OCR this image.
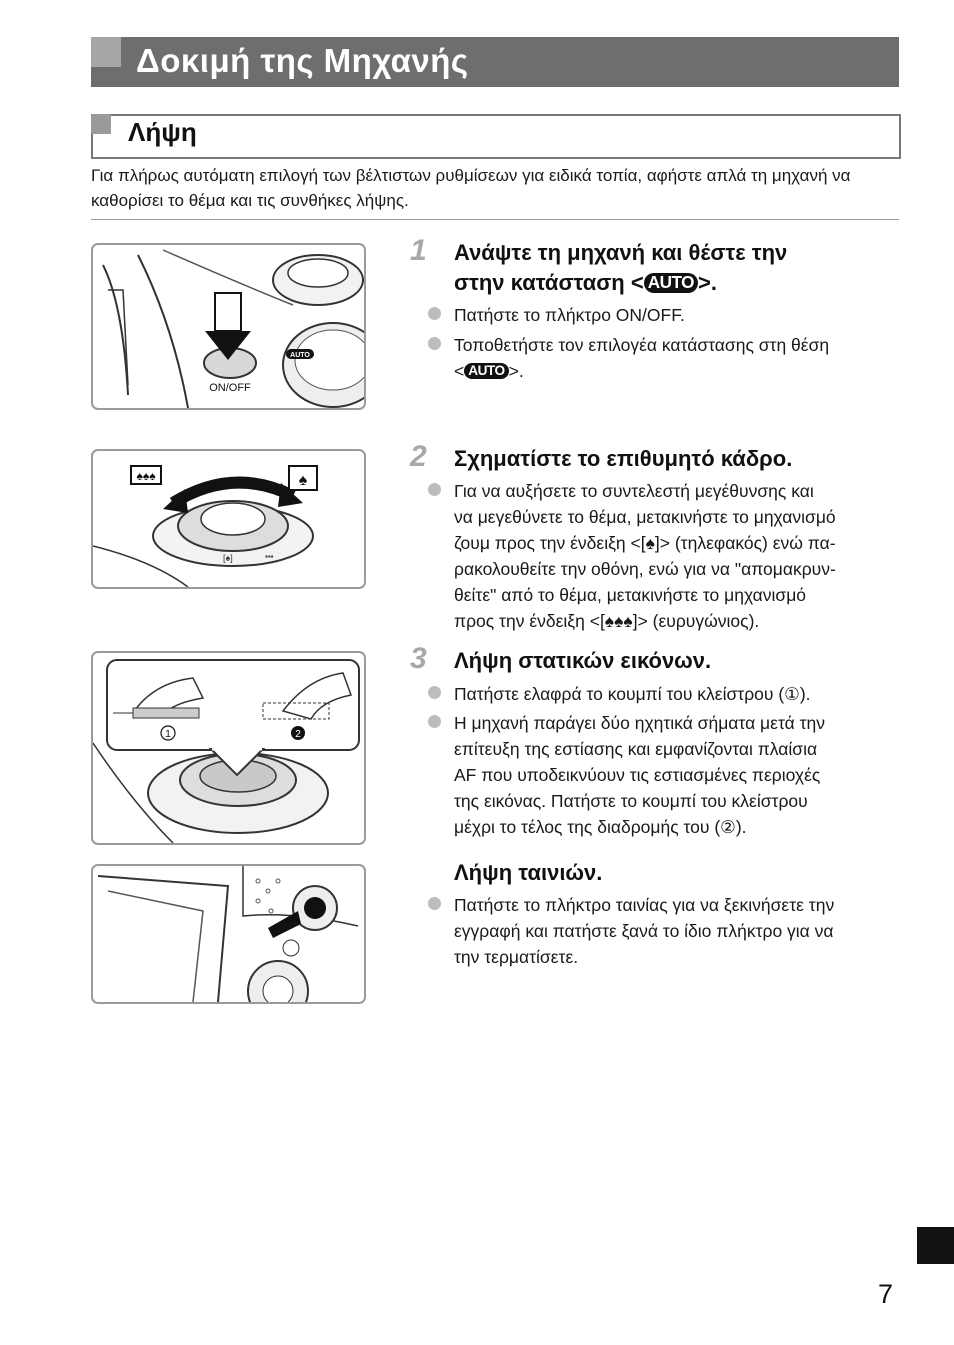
Δοκιμή της Μηχανής
Λήψη
Για πλήρως αυτόματη επιλογή των βέλτιστων ρυθμίσεων για ειδικά τοπία, αφήστε απλά τη μηχανή να καθορίσει το θέμα και τις συνθήκες λήψης.
AUTO
ON/OFF
♠♠♠	♠
[♠]	▪▪▪
1	2
1 Ανάψτε τη μηχανή και θέστε την
στην κατάσταση < AUTO >.
Πατήστε το πλήκτρο ON/OFF.
Τοποθετήστε τον επιλογέα κατάστασης στη θέση
< AUTO >.
2 Σχηματίστε το επιθυμητό κάδρο.
Για να αυξήσετε το συντελεστή μεγέθυνσης και
να μεγεθύνετε το θέμα, μετακινήστε το μηχανισμό
ζουμ προς την ένδειξη <[♠]> (τηλεφακός) ενώ πα-
ρακολουθείτε την οθόνη, ενώ για να "απομακρυν-
θείτε" από το θέμα, μετακινήστε το μηχανισμό
προς την ένδειξη <[♠♠♠]> (ευρυγώνιος).
3 Λήψη στατικών εικόνων.
Πατήστε ελαφρά το κουμπί του κλείστρου (①).
Η μηχανή παράγει δύο ηχητικά σήματα μετά την
επίτευξη της εστίασης και εμφανίζονται πλαίσια
AF που υποδεικνύουν τις εστιασμένες περιοχές
της εικόνας. Πατήστε το κουμπί του κλείστρου
μέχρι το τέλος της διαδρομής του (②).
Λήψη ταινιών.
Πατήστε το πλήκτρο ταινίας για να ξεκινήσετε την
εγγραφή και πατήστε ξανά το ίδιο πλήκτρο για να
την τερματίσετε.
7
